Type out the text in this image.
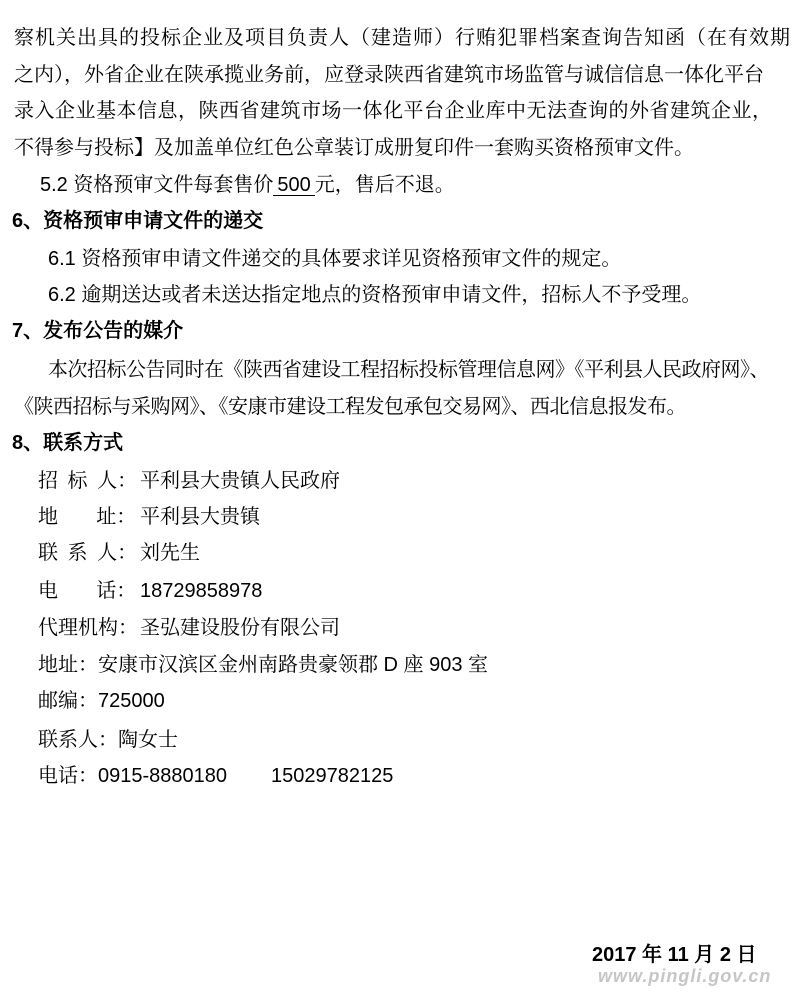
察机关出具的投标企业及项目负责人（建造师）行贿犯罪档案查询告知函（在有效期
之内），外省企业在陕承揽业务前，应登录陕西省建筑市场监管与诚信信息一体化平台
录入企业基本信息，陕西省建筑市场一体化平台企业库中无法查询的外省建筑企业，
不得参与投标】及加盖单位红色公章装订成册复印件一套购买资格预审文件。
5.2 资格预审文件每套售价 500 元，售后不退。
6、资格预审申请文件的递交
6.1 资格预审申请文件递交的具体要求详见资格预审文件的规定。
6.2 逾期送达或者未送达指定地点的资格预审申请文件，招标人不予受理。
7、发布公告的媒介
本次招标公告同时在《陕西省建设工程招标投标管理信息网》《平利县人民政府网》、
《陕西招标与采购网》、《安康市建设工程发包承包交易网》、西北信息报发布。
8、联系方式
招 标 人： 平利县大贵镇人民政府
地    址： 平利县大贵镇
联 系 人： 刘先生
电    话： 18729858978
代理机构： 圣弘建设股份有限公司
地址：安康市汉滨区金州南路贵豪领郡 D 座 903 室
邮编：725000
联系人：陶女士
电话：0915-8880180 15029782125
2017 年 11 月 2 日
www.pingli.gov.cn
